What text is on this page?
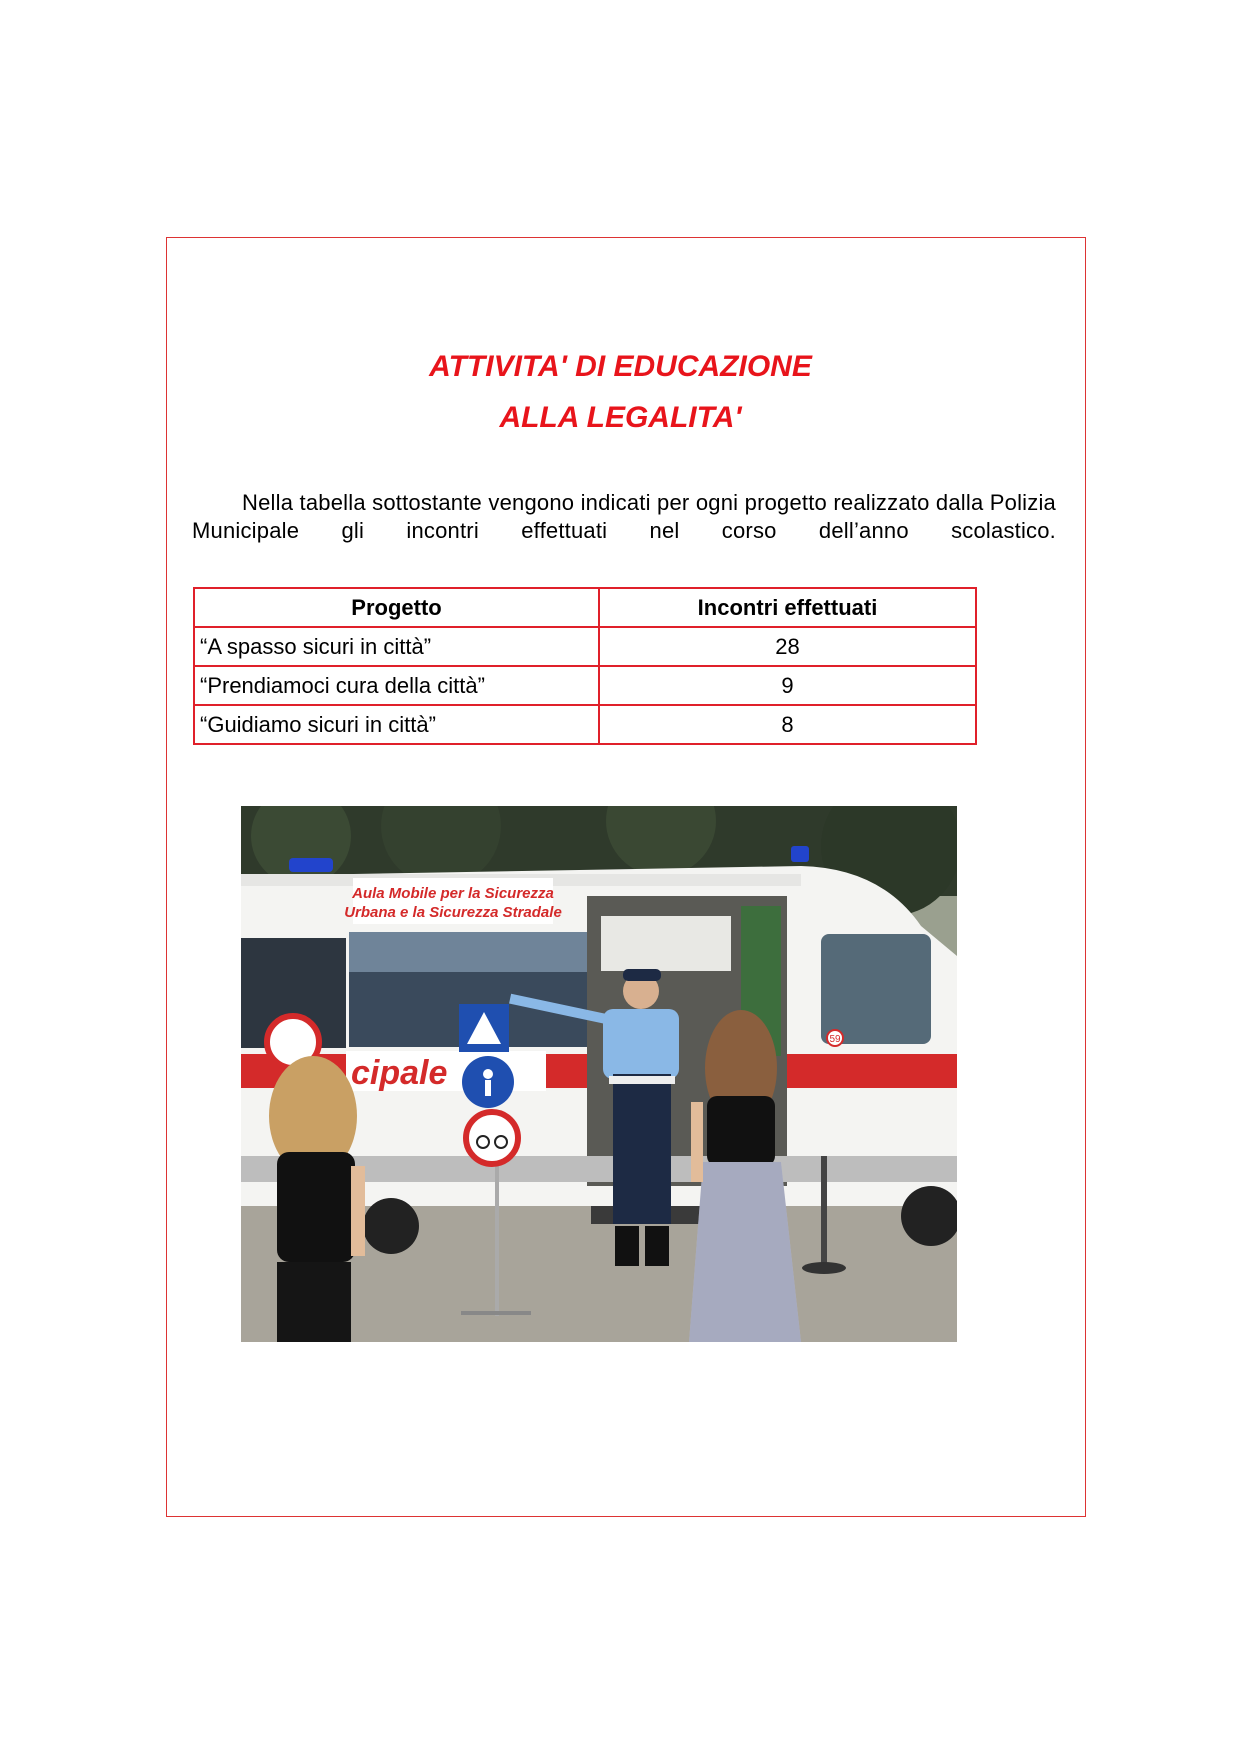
ATTIVITA' DI EDUCAZIONE
ALLA LEGALITA'
Nella tabella sottostante vengono indicati per ogni progetto realizzato dalla Polizia Municipale gli incontri effettuati nel corso dell’anno scolastico.
Progetto	Incontri effettuati
“A spasso sicuri in città”	28
“Prendiamoci cura della città”	9
“Guidiamo sicuri in città”	8
Aula Mobile per la Sicurezza
Urbana e la Sicurezza Stradale
cipale
59
